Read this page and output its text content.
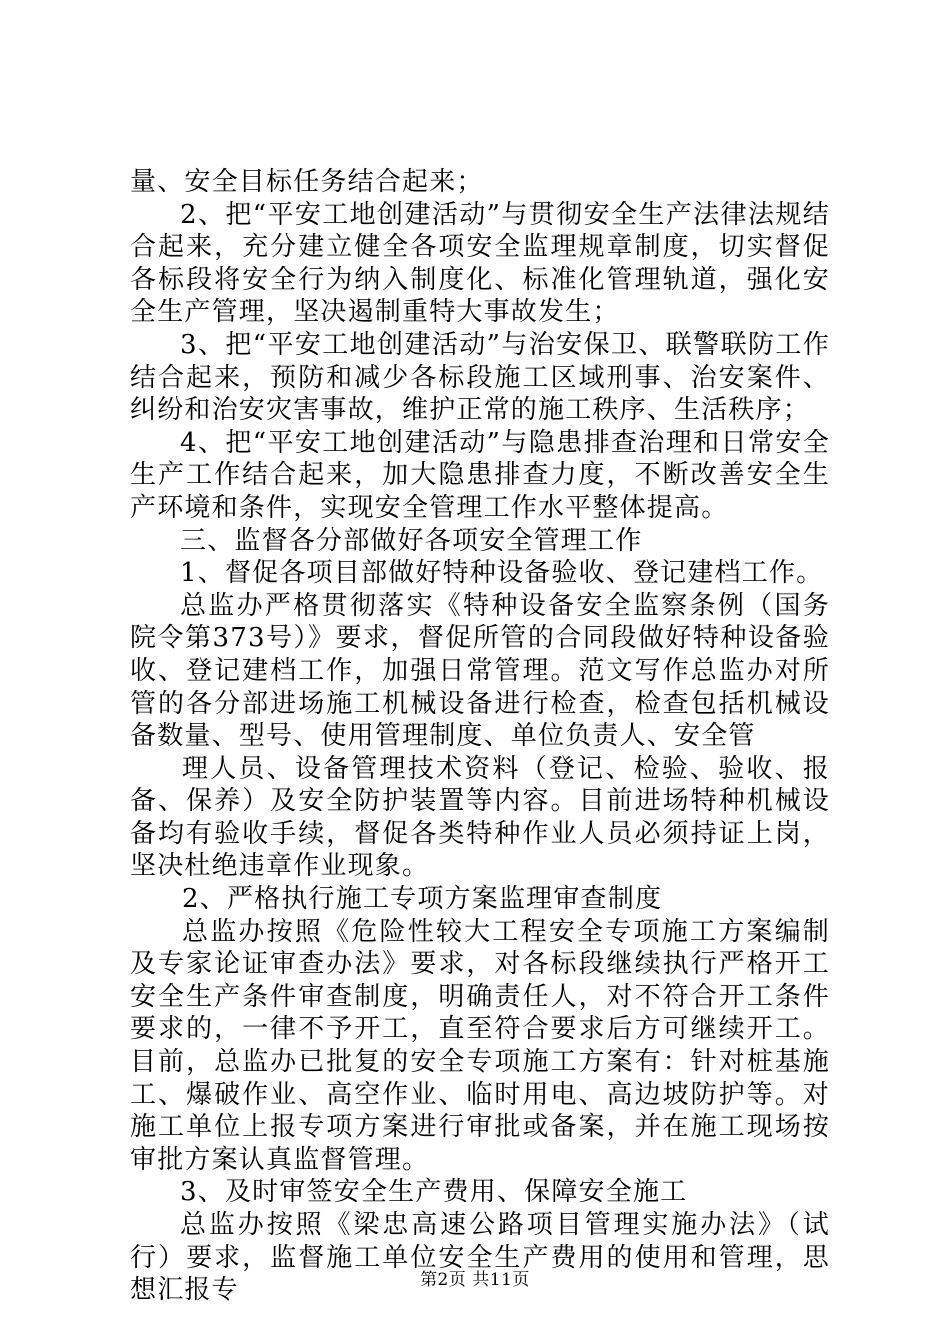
量、安全目标任务结合起来；

2、把“平安工地创建活动”与贯彻安全生产法律法规结合起来，充分建立健全各项安全监理规章制度，切实督促各标段将安全行为纳入制度化、标准化管理轨道，强化安全生产管理，坚决遏制重特大事故发生；

3、把“平安工地创建活动”与治安保卫、联警联防工作结合起来，预防和减少各标段施工区域刑事、治安案件、纠纷和治安灾害事故，维护正常的施工秩序、生活秩序；

4、把“平安工地创建活动”与隐患排查治理和日常安全生产工作结合起来，加大隐患排查力度，不断改善安全生产环境和条件，实现安全管理工作水平整体提高。

三、监督各分部做好各项安全管理工作

1、督促各项目部做好特种设备验收、登记建档工作。

总监办严格贯彻落实《特种设备安全监察条例（国务院令第373号）》要求，督促所管的合同段做好特种设备验收、登记建档工作，加强日常管理。范文写作总监办对所管的各分部进场施工机械设备进行检查，检查包括机械设备数量、型号、使用管理制度、单位负责人、安全管

理人员、设备管理技术资料（登记、检验、验收、报备、保养）及安全防护装置等内容。目前进场特种机械设备均有验收手续，督促各类特种作业人员必须持证上岗，坚决杜绝违章作业现象。

2、严格执行施工专项方案监理审查制度

总监办按照《危险性较大工程安全专项施工方案编制及专家论证审查办法》要求，对各标段继续执行严格开工安全生产条件审查制度，明确责任人，对不符合开工条件要求的，一律不予开工，直至符合要求后方可继续开工。目前，总监办已批复的安全专项施工方案有：针对桩基施工、爆破作业、高空作业、临时用电、高边坡防护等。对施工单位上报专项方案进行审批或备案，并在施工现场按审批方案认真监督管理。

3、及时审签安全生产费用、保障安全施工

总监办按照《梁忠高速公路项目管理实施办法》（试行）要求，监督施工单位安全生产费用的使用和管理，思想汇报专	第2页 共11页
